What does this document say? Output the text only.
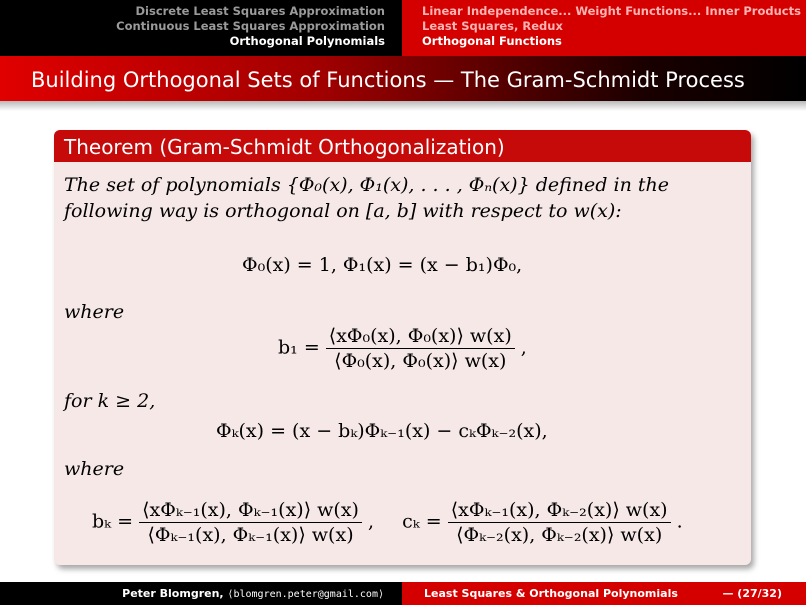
Discrete Least Squares Approximation
Continuous Least Squares Approximation
Orthogonal Polynomials
Linear Independence... Weight Functions... Inner Products
Least Squares, Redux
Orthogonal Functions
Building Orthogonal Sets of Functions — The Gram-Schmidt Process
Theorem (Gram-Schmidt Orthogonalization)
The set of polynomials {Φ₀(x), Φ₁(x), . . . , Φₙ(x)} defined in the
following way is orthogonal on [a, b] with respect to w(x):
Φ₀(x) = 1, Φ₁(x) = (x − b₁)Φ₀,
where
$b_1 = \frac{\text{⟨xΦ₀(x), Φ₀(x)⟩ w(x)}}{\text{⟨Φ₀(x), Φ₀(x)⟩ w(x)}}$ ,
for k ≥ 2,
Φₖ(x) = (x − bₖ)Φₖ₋₁(x) − cₖΦₖ₋₂(x),
where
$b_k = \frac{\text{⟨xΦₖ₋₁(x), Φₖ₋₁(x)⟩ w(x)}}{\text{⟨Φₖ₋₁(x), Φₖ₋₁(x)⟩ w(x)}}$ , $c_k = \frac{\text{⟨xΦₖ₋₁(x), Φₖ₋₂(x)⟩ w(x)}}{\text{⟨Φₖ₋₂(x), Φₖ₋₂(x)⟩ w(x)}}$ .
Peter Blomgren, ⟨blomgren.peter@gmail.com⟩	Least Squares & Orthogonal Polynomials	— (27/32)
